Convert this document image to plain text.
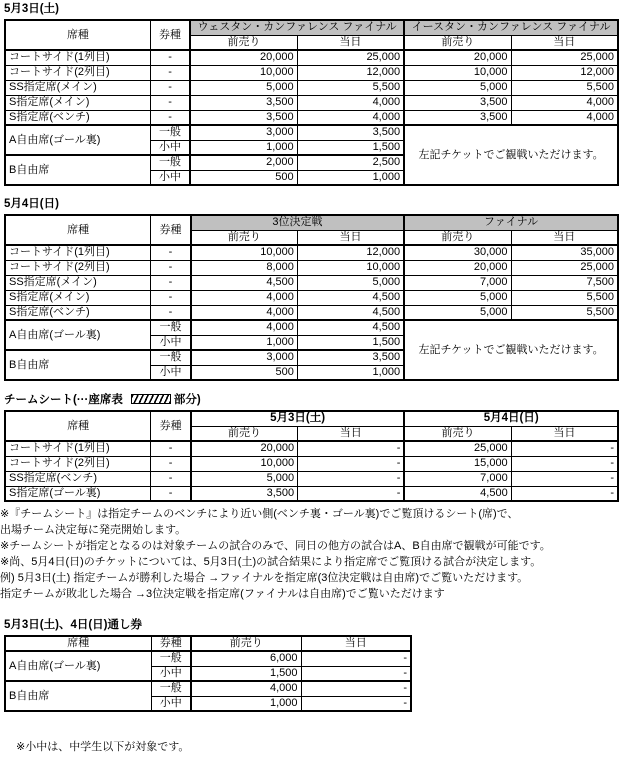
5月3日(土)
席種	券種	ウェスタン・カンファレンス ファイナル		イースタン・カンファレンス ファイナル	
		前売り	当日	前売り	当日
コートサイド(1列目)	-	20,000	25,000	20,000	25,000
コートサイド(2列目)	-	10,000	12,000	10,000	12,000
SS指定席(メイン)	-	5,000	5,500	5,000	5,500
S指定席(メイン)	-	3,500	4,000	3,500	4,000
S指定席(ベンチ)	-	3,500	4,000	3,500	4,000
A自由席(ゴール裏)	一般	3,000	3,500	左記チケットでご観戦いただけます。	
	小中	1,000	1,500		
B自由席	一般	2,000	2,500		
	小中	500	1,000		
5月4日(日)
席種	券種	3位決定戦		ファイナル	
		前売り	当日	前売り	当日
コートサイド(1列目)	-	10,000	12,000	30,000	35,000
コートサイド(2列目)	-	8,000	10,000	20,000	25,000
SS指定席(メイン)	-	4,500	5,000	7,000	7,500
S指定席(メイン)	-	4,000	4,500	5,000	5,500
S指定席(ベンチ)	-	4,000	4,500	5,000	5,500
A自由席(ゴール裏)	一般	4,000	4,500	左記チケットでご観戦いただけます。	
	小中	1,000	1,500		
B自由席	一般	3,000	3,500		
	小中	500	1,000		
チームシート(···座席表	部分)
席種	券種	5月3日(土)		5月4日(日)	
		前売り	当日	前売り	当日
コートサイド(1列目)	-	20,000	-	25,000	-
コートサイド(2列目)	-	10,000	-	15,000	-
SS指定席(ベンチ)	-	5,000	-	7,000	-
S指定席(ゴール裏)	-	3,500	-	4,500	-

※『チームシート』は指定チームのベンチにより近い側(ベンチ裏・ゴール裏)でご覧頂けるシート(席)で、

出場チーム決定毎に発売開始します。

※チームシートが指定となるのは対象チームの試合のみで、同日の他方の試合はA、B自由席で観戦が可能です。

※尚、5月4日(日)のチケットについては、5月3日(土)の試合結果により指定席でご覧頂ける試合が決定します。

例) 5月3日(土) 指定チームが勝利した場合 →ファイナルを指定席(3位決定戦は自由席)でご覧いただけます。

指定チームが敗北した場合 →3位決定戦を指定席(ファイナルは自由席)でご覧いただけます

5月3日(土)、4日(日)通し券
席種	券種	前売り	当日
A自由席(ゴール裏)	一般	6,000	-
	小中	1,500	-
B自由席	一般	4,000	-
	小中	1,000	-
※小中は、中学生以下が対象です。
